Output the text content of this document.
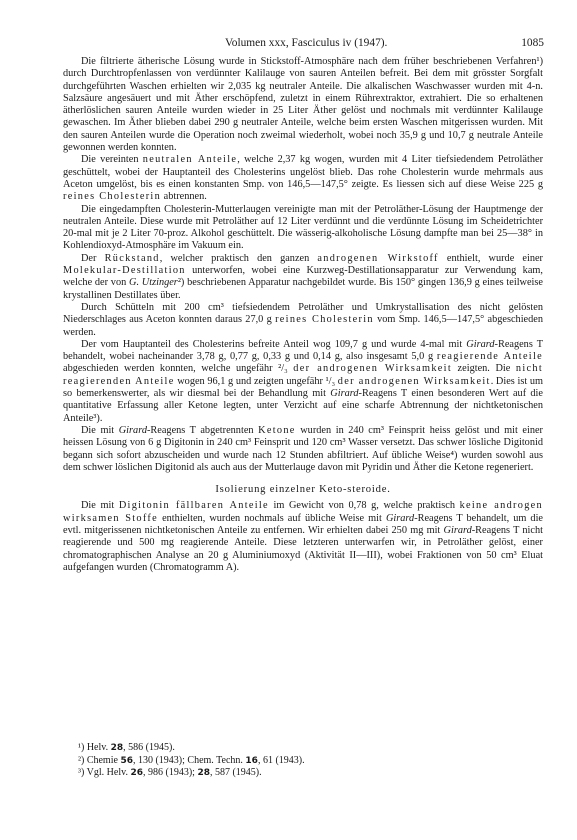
Volumen xxx, Fasciculus iv (1947).	1085

Die filtrierte ätherische Lösung wurde in Stickstoff-Atmosphäre nach dem früher beschriebenen Verfahren¹) durch Durchtropfenlassen von verdünnter Kalilauge von sauren Anteilen befreit. Bei dem mit grösster Sorgfalt durchgeführten Waschen erhielten wir 2,035 kg neutraler Anteile. Die alkalischen Waschwasser wurden mit 4-n. Salzsäure angesäuert und mit Äther erschöpfend, zuletzt in einem Rührextraktor, extrahiert. Die so erhaltenen ätherlöslichen sauren Anteile wurden wieder in 25 Liter Äther gelöst und nochmals mit verdünnter Kalilauge gewaschen. Im Äther blieben dabei 290 g neutraler Anteile, welche beim ersten Waschen mitgerissen wurden. Mit den sauren Anteilen wurde die Operation noch zweimal wiederholt, wobei noch 35,9 g und 10,7 g neutrale Anteile gewonnen werden konnten.

Die vereinten neutralen Anteile, welche 2,37 kg wogen, wurden mit 4 Liter tiefsiedendem Petroläther geschüttelt, wobei der Hauptanteil des Cholesterins ungelöst blieb. Das rohe Cholesterin wurde mehrmals aus Aceton umgelöst, bis es einen konstanten Smp. von 146,5—147,5° zeigte. Es liessen sich auf diese Weise 225 g reines Cholesterin abtrennen.

Die eingedampften Cholesterin-Mutterlaugen vereinigte man mit der Petroläther-Lösung der Hauptmenge der neutralen Anteile. Diese wurde mit Petroläther auf 12 Liter verdünnt und die verdünnte Lösung im Scheidetrichter 20-mal mit je 2 Liter 70-proz. Alkohol geschüttelt. Die wässerig-alkoholische Lösung dampfte man bei 25—38° in Kohlendioxyd-Atmosphäre im Vakuum ein.

Der Rückstand, welcher praktisch den ganzen androgenen Wirkstoff enthielt, wurde einer Molekular-Destillation unterworfen, wobei eine Kurzweg-Destillationsapparatur zur Verwendung kam, welche der von G. Utzinger²) beschriebenen Apparatur nachgebildet wurde. Bis 150° gingen 136,9 g eines teilweise krystallinen Destillates über.

Durch Schütteln mit 200 cm³ tiefsiedendem Petroläther und Umkrystallisation des nicht gelösten Niederschlages aus Aceton konnten daraus 27,0 g reines Cholesterin vom Smp. 146,5—147,5° abgeschieden werden.

Der vom Hauptanteil des Cholesterins befreite Anteil wog 109,7 g und wurde 4-mal mit Girard-Reagens T behandelt, wobei nacheinander 3,78 g, 0,77 g, 0,33 g und 0,14 g, also insgesamt 5,0 g reagierende Anteile abgeschieden werden konnten, welche ungefähr ²/₃ der androgenen Wirksamkeit zeigten. Die nicht reagierenden Anteile wogen 96,1 g und zeigten ungefähr ¹/₃ der androgenen Wirksamkeit. Dies ist um so bemerkenswerter, als wir diesmal bei der Behandlung mit Girard-Reagens T einen besonderen Wert auf die quantitative Erfassung aller Ketone legten, unter Verzicht auf eine scharfe Abtrennung der nichtketonischen Anteile³).

Die mit Girard-Reagens T abgetrennten Ketone wurden in 240 cm³ Feinsprit heiss gelöst und mit einer heissen Lösung von 6 g Digitonin in 240 cm³ Feinsprit und 120 cm³ Wasser versetzt. Das schwer lösliche Digitonid begann sich sofort abzuscheiden und wurde nach 12 Stunden abfiltriert. Auf übliche Weise⁴) wurden sowohl aus dem schwer löslichen Digitonid als auch aus der Mutterlauge davon mit Pyridin und Äther die Ketone regeneriert.

Isolierung einzelner Keto-steroide.

Die mit Digitonin fällbaren Anteile im Gewicht von 0,78 g, welche praktisch keine androgen wirksamen Stoffe enthielten, wurden nochmals auf übliche Weise mit Girard-Reagens T behandelt, um die evtl. mitgerissenen nichtketonischen Anteile zu entfernen. Wir erhielten dabei 250 mg mit Girard-Reagens T nicht reagierende und 500 mg reagierende Anteile. Diese letzteren unterwarfen wir, in Petroläther gelöst, einer chromatographischen Analyse an 20 g Aluminiumoxyd (Aktivität II—III), wobei Fraktionen von 50 cm³ Eluat aufgefangen wurden (Chromatogramm A).

¹) Helv. 28, 586 (1945).
²) Chemie 56, 130 (1943); Chem. Techn. 16, 61 (1943).
³) Vgl. Helv. 26, 986 (1943); 28, 587 (1945).
